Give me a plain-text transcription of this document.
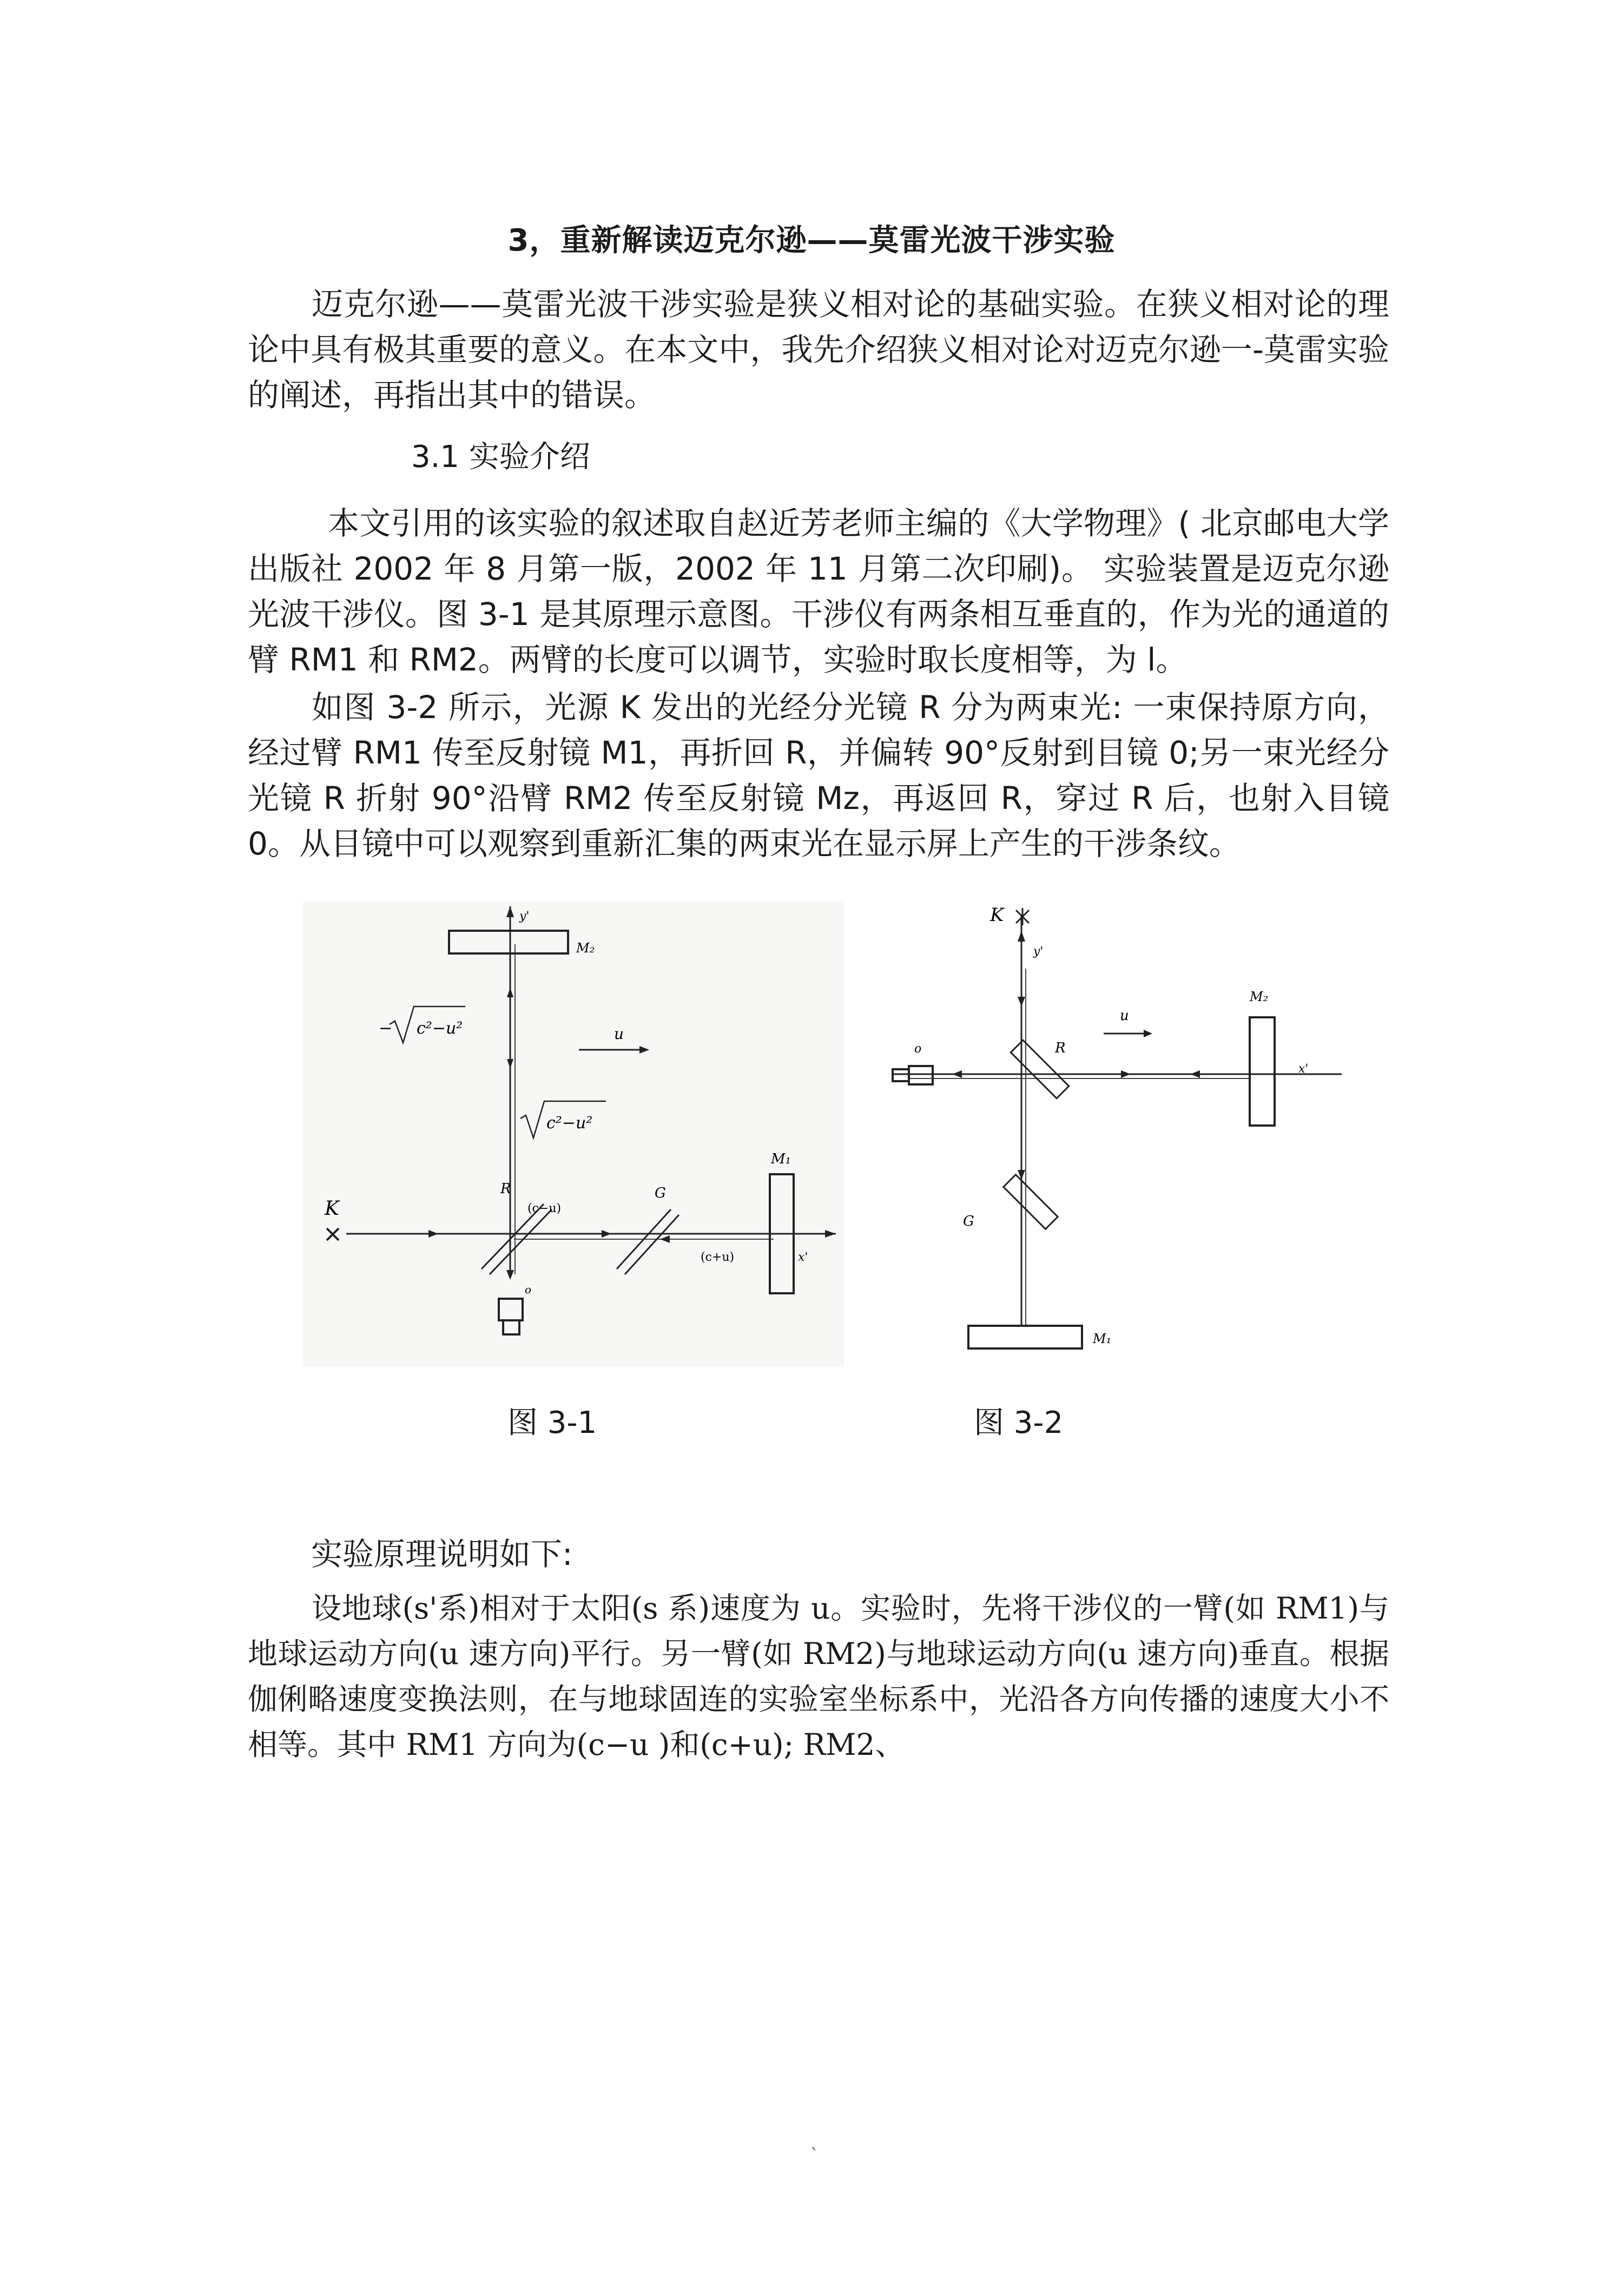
3，重新解读迈克尔逊——莫雷光波干涉实验

迈克尔逊——莫雷光波干涉实验是狭义相对论的基础实验。在狭义相对论的理论中具有极其重要的意义。在本文中，我先介绍狭义相对论对迈克尔逊一-莫雷实验的阐述，再指出其中的错误。

3.1 实验介绍

本文引用的该实验的叙述取自赵近芳老师主编的《大学物理》( 北京邮电大学出版社 2002 年 8 月第一版，2002 年 11 月第二次印刷)。 实验装置是迈克尔逊光波干涉仪。图 3-1 是其原理示意图。干涉仪有两条相互垂直的，作为光的通道的臂 RM1 和 RM2。两臂的长度可以调节，实验时取长度相等，为 l。

如图 3-2 所示，光源 K 发出的光经分光镜 R 分为两束光: 一束保持原方向，经过臂 RM1 传至反射镜 M1，再折回 R，并偏转 90°反射到目镜 0;另一束光经分光镜 R 折射 90°沿臂 RM2 传至反射镜 Mz，再返回 R，穿过 R 后，也射入目镜 0。从目镜中可以观察到重新汇集的两束光在显示屏上产生的干涉条纹。

y'
M₂
− c²−u²	u
c²−u²
K
R
(c−u)
G
M₁
(c+u)	x'
o
图 3-1
K
y'
u
o	R
M₂
x'
G
M₁
图 3-2
实验原理说明如下:

设地球(s'系)相对于太阳(s 系)速度为 u。实验时，先将干涉仪的一臂(如 RM1)与地球运动方向(u 速方向)平行。另一臂(如 RM2)与地球运动方向(u 速方向)垂直。根据伽俐略速度变换法则，在与地球固连的实验室坐标系中，光沿各方向传播的速度大小不相等。其中 RM1 方向为(c−u )和(c+u); RM2、

`
